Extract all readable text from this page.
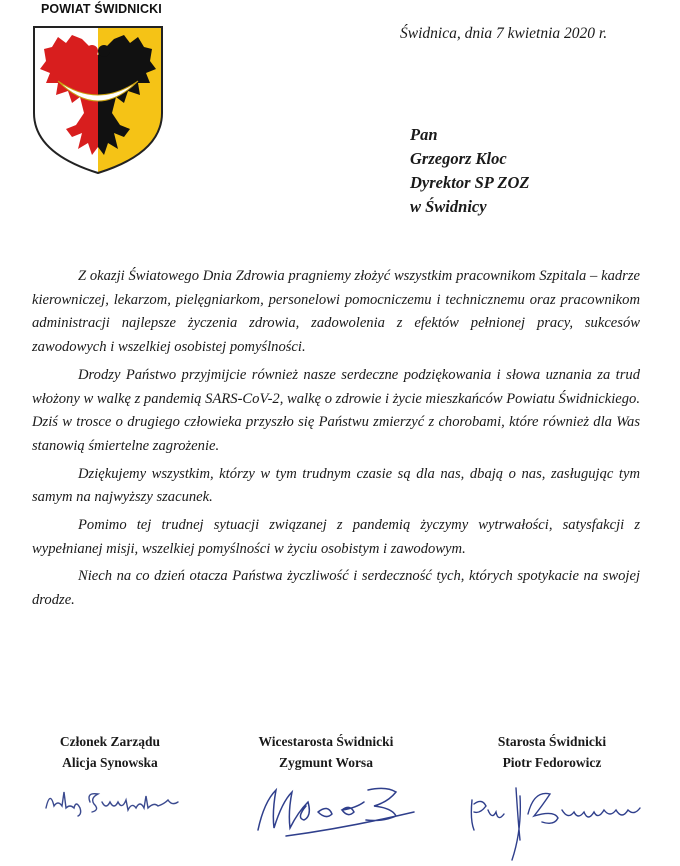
POWIAT ŚWIDNICKI
Świdnica, dnia 7 kwietnia 2020 r.
Pan
Grzegorz Kloc
Dyrektor SP ZOZ
w Świdnicy

Z okazji Światowego Dnia Zdrowia pragniemy złożyć wszystkim pracownikom Szpitala – kadrze kierowniczej, lekarzom, pielęgniarkom, personelowi pomocniczemu i technicznemu oraz pracownikom administracji najlepsze życzenia zdrowia, zadowolenia z efektów pełnionej pracy, sukcesów zawodowych i wszelkiej osobistej pomyślności.

Drodzy Państwo przyjmijcie również nasze serdeczne podziękowania i słowa uznania za trud włożony w walkę z pandemią SARS-CoV-2, walkę o zdrowie i życie mieszkańców Powiatu Świdnickiego. Dziś w trosce o drugiego człowieka przyszło się Państwu zmierzyć z chorobami, które również dla Was stanowią śmiertelne zagrożenie.

Dziękujemy wszystkim, którzy w tym trudnym czasie są dla nas, dbają o nas, zasługując tym samym na najwyższy szacunek.

Pomimo tej trudnej sytuacji związanej z pandemią życzymy wytrwałości, satysfakcji z wypełnianej misji, wszelkiej pomyślności w życiu osobistym i zawodowym.

Niech na co dzień otacza Państwa życzliwość i serdeczność tych, których spotykacie na swojej drodze.

Członek Zarządu
Alicja Synowska
Wicestarosta Świdnicki
Zygmunt Worsa
Starosta Świdnicki
Piotr Fedorowicz
